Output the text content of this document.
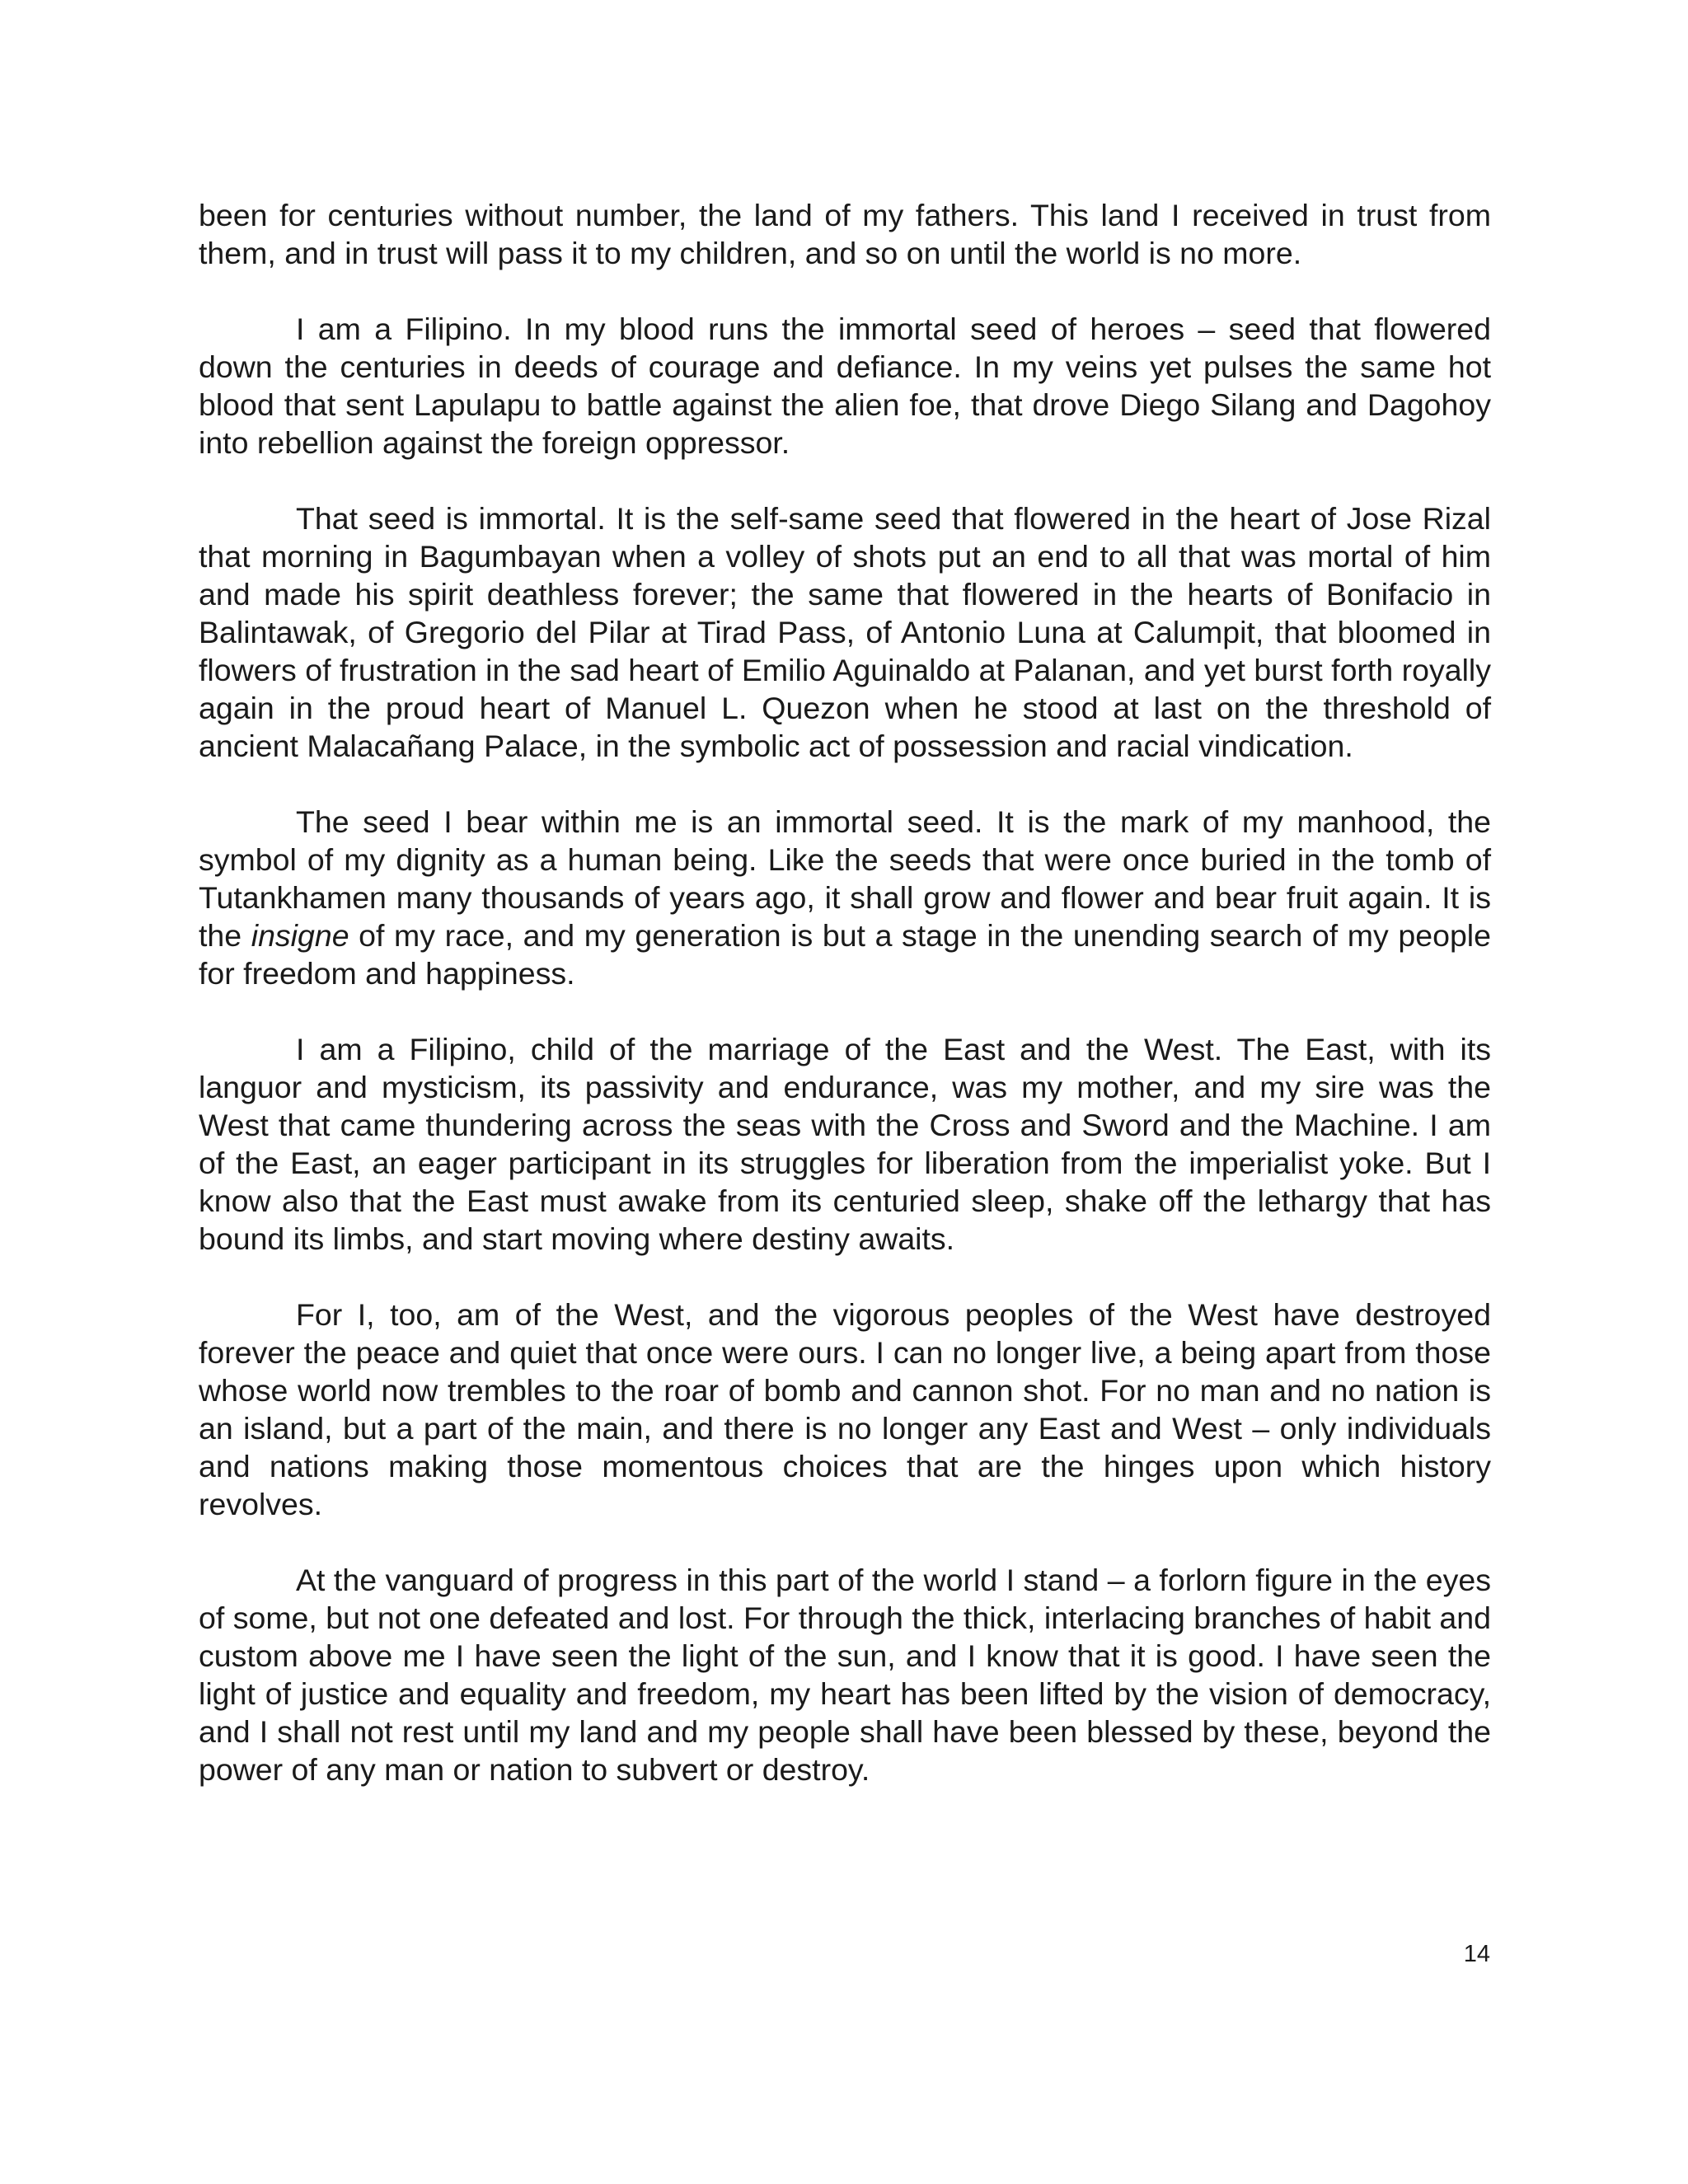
been for centuries without number, the land of my fathers. This land I received in trust from them, and in trust will pass it to my children, and so on until the world is no more.

I am a Filipino. In my blood runs the immortal seed of heroes – seed that flowered down the centuries in deeds of courage and defiance. In my veins yet pulses the same hot blood that sent Lapulapu to battle against the alien foe, that drove Diego Silang and Dagohoy into rebellion against the foreign oppressor.

That seed is immortal. It is the self-same seed that flowered in the heart of Jose Rizal that morning in Bagumbayan when a volley of shots put an end to all that was mortal of him and made his spirit deathless forever; the same that flowered in the hearts of Bonifacio in Balintawak, of Gregorio del Pilar at Tirad Pass, of Antonio Luna at Calumpit, that bloomed in flowers of frustration in the sad heart of Emilio Aguinaldo at Palanan, and yet burst forth royally again in the proud heart of Manuel L. Quezon when he stood at last on the threshold of ancient Malacañang Palace, in the symbolic act of possession and racial vindication.

The seed I bear within me is an immortal seed. It is the mark of my manhood, the symbol of my dignity as a human being. Like the seeds that were once buried in the tomb of Tutankhamen many thousands of years ago, it shall grow and flower and bear fruit again. It is the insigne of my race, and my generation is but a stage in the unending search of my people for freedom and happiness.

I am a Filipino, child of the marriage of the East and the West. The East, with its languor and mysticism, its passivity and endurance, was my mother, and my sire was the West that came thundering across the seas with the Cross and Sword and the Machine. I am of the East, an eager participant in its struggles for liberation from the imperialist yoke. But I know also that the East must awake from its centuried sleep, shake off the lethargy that has bound its limbs, and start moving where destiny awaits.

For I, too, am of the West, and the vigorous peoples of the West have destroyed forever the peace and quiet that once were ours. I can no longer live, a being apart from those whose world now trembles to the roar of bomb and cannon shot. For no man and no nation is an island, but a part of the main, and there is no longer any East and West – only individuals and nations making those momentous choices that are the hinges upon which history revolves.

At the vanguard of progress in this part of the world I stand – a forlorn figure in the eyes of some, but not one defeated and lost. For through the thick, interlacing branches of habit and custom above me I have seen the light of the sun, and I know that it is good. I have seen the light of justice and equality and freedom, my heart has been lifted by the vision of democracy, and I shall not rest until my land and my people shall have been blessed by these, beyond the power of any man or nation to subvert or destroy.

14
